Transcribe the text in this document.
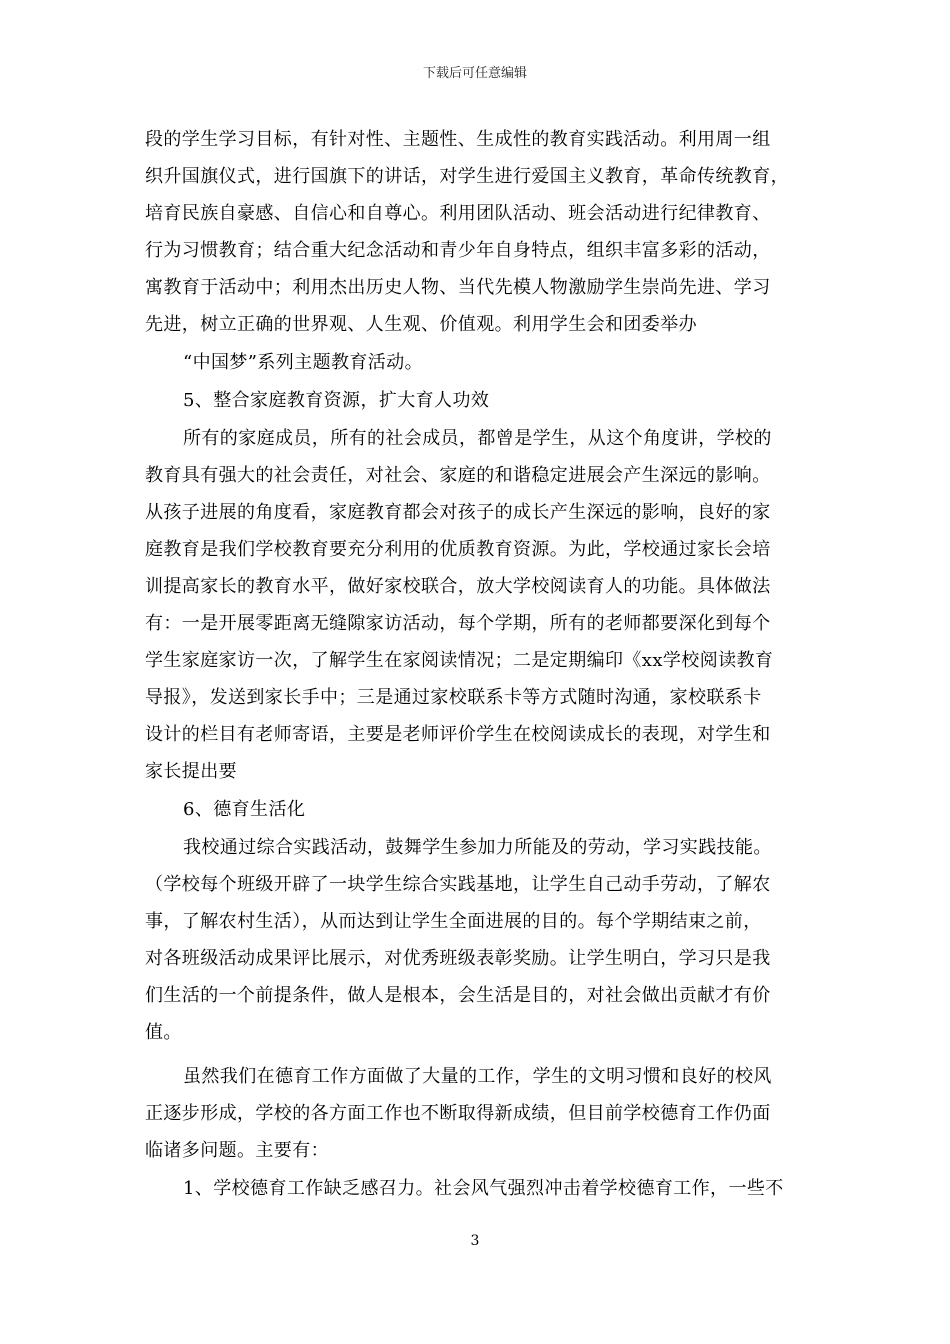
下载后可任意编辑
段的学生学习目标，有针对性、主题性、生成性的教育实践活动。利用周一组
织升国旗仪式，进行国旗下的讲话，对学生进行爱国主义教育，革命传统教育，
培育民族自豪感、自信心和自尊心。利用团队活动、班会活动进行纪律教育、
行为习惯教育；结合重大纪念活动和青少年自身特点，组织丰富多彩的活动，
寓教育于活动中；利用杰出历史人物、当代先模人物激励学生崇尚先进、学习
先进，树立正确的世界观、人生观、价值观。利用学生会和团委举办
“中国梦”系列主题教育活动。
5、整合家庭教育资源，扩大育人功效
所有的家庭成员，所有的社会成员，都曾是学生，从这个角度讲，学校的
教育具有强大的社会责任，对社会、家庭的和谐稳定进展会产生深远的影响。
从孩子进展的角度看，家庭教育都会对孩子的成长产生深远的影响，良好的家
庭教育是我们学校教育要充分利用的优质教育资源。为此，学校通过家长会培
训提高家长的教育水平，做好家校联合，放大学校阅读育人的功能。具体做法
有：一是开展零距离无缝隙家访活动，每个学期，所有的老师都要深化到每个
学生家庭家访一次，了解学生在家阅读情况；二是定期编印《xx学校阅读教育
导报》，发送到家长手中；三是通过家校联系卡等方式随时沟通，家校联系卡
设计的栏目有老师寄语，主要是老师评价学生在校阅读成长的表现，对学生和
家长提出要
6、德育生活化
我校通过综合实践活动，鼓舞学生参加力所能及的劳动，学习实践技能。
（学校每个班级开辟了一块学生综合实践基地，让学生自己动手劳动，了解农
事，了解农村生活），从而达到让学生全面进展的目的。每个学期结束之前，
对各班级活动成果评比展示，对优秀班级表彰奖励。让学生明白，学习只是我
们生活的一个前提条件，做人是根本，会生活是目的，对社会做出贡献才有价
值。
虽然我们在德育工作方面做了大量的工作，学生的文明习惯和良好的校风
正逐步形成，学校的各方面工作也不断取得新成绩，但目前学校德育工作仍面
临诸多问题。主要有：
1、学校德育工作缺乏感召力。社会风气强烈冲击着学校德育工作，一些不
3
